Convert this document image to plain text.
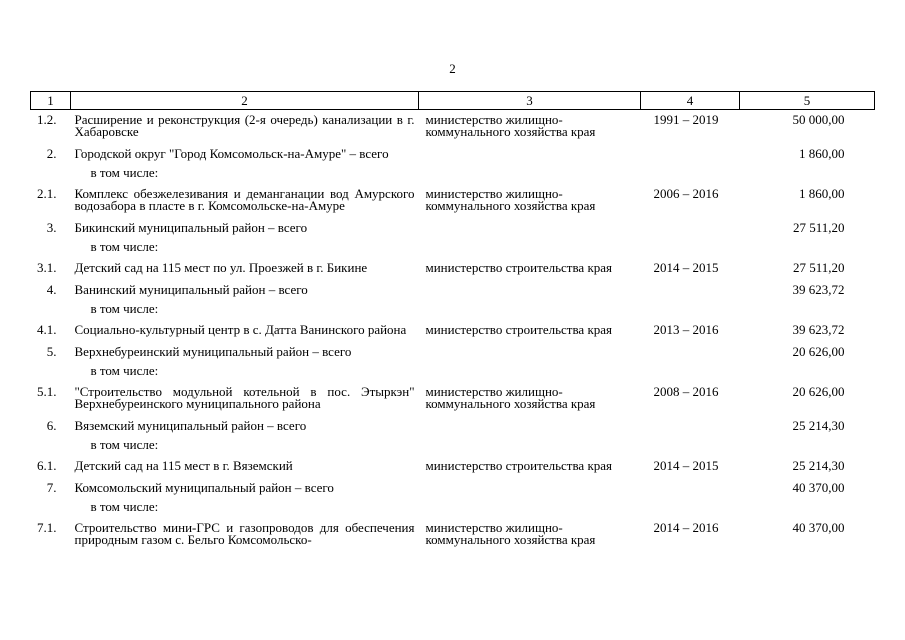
2
1	2	3	4	5
1.2.	Расширение и реконструкция (2-я очередь) канализации в г. Хабаровске	министерство жилищно-коммунального хозяйства края	1991 – 2019	50 000,00
2.	Городской округ "Город Комсомольск-на-Амуре" – всего			1 860,00
	в том числе:			
2.1.	Комплекс обезжелезивания и деманганации вод Амурского водозабора в пласте в г. Комсомольске-на-Амуре	министерство жилищно-коммунального хозяйства края	2006 – 2016	1 860,00
3.	Бикинский муниципальный район – всего			27 511,20
	в том числе:			
3.1.	Детский сад на 115 мест по ул. Проезжей в г. Бикине	министерство строительства края	2014 – 2015	27 511,20
4.	Ванинский муниципальный район – всего			39 623,72
	в том числе:			
4.1.	Социально-культурный центр в с. Датта Ванинского района	министерство строительства края	2013 – 2016	39 623,72
5.	Верхнебуреинский муниципальный район – всего			20 626,00
	в том числе:			
5.1.	"Строительство модульной котельной в пос. Этыркэн" Верхнебуреинского муниципального района	министерство жилищно-коммунального хозяйства края	2008 – 2016	20 626,00
6.	Вяземский муниципальный район – всего			25 214,30
	в том числе:			
6.1.	Детский сад на 115 мест в г. Вяземский	министерство строительства края	2014 – 2015	25 214,30
7.	Комсомольский муниципальный район – всего			40 370,00
	в том числе:			
7.1.	Строительство мини-ГРС и газопроводов для обеспечения природным газом с. Бельго Комсомольско-	министерство жилищно-коммунального хозяйства края	2014 – 2016	40 370,00
